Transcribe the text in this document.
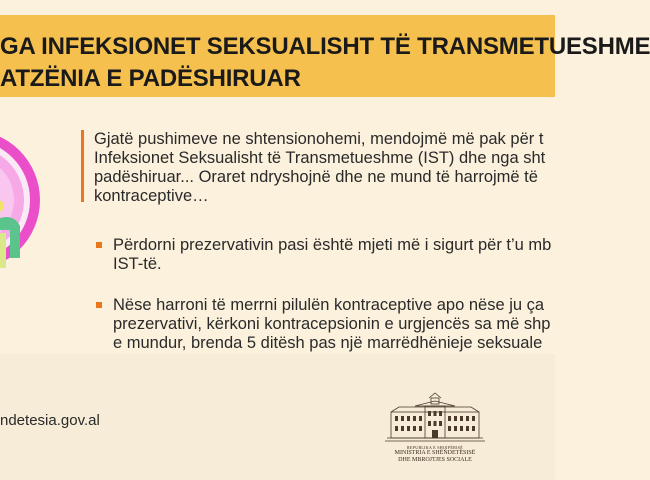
GA INFEKSIONET SEKSUALISHT TË TRANSMETUESHME
ATZËNIA E PADËSHIRUAR

Gjatë pushimeve ne shtensionohemi, mendojmë më pak për t

Infeksionet Seksualisht të Transmetueshme (IST) dhe nga sht

padëshiruar... Oraret ndryshojnë dhe ne mund të harrojmë të

kontraceptive…

Përdorni prezervativin pasi është mjeti më i sigurt për t’u mb
IST-të.
Nëse harroni të merrni pilulën kontraceptive apo nëse ju ça
prezervativi, kërkoni kontracepsionin e urgjencës sa më shp
e mundur, brenda 5 ditësh pas një marrëdhënieje seksuale
ndetesia.gov.al
REPUBLIKA E SHQIPËRISË
MINISTRIA E SHËNDETËSISË
DHE MBROJTJES SOCIALE
